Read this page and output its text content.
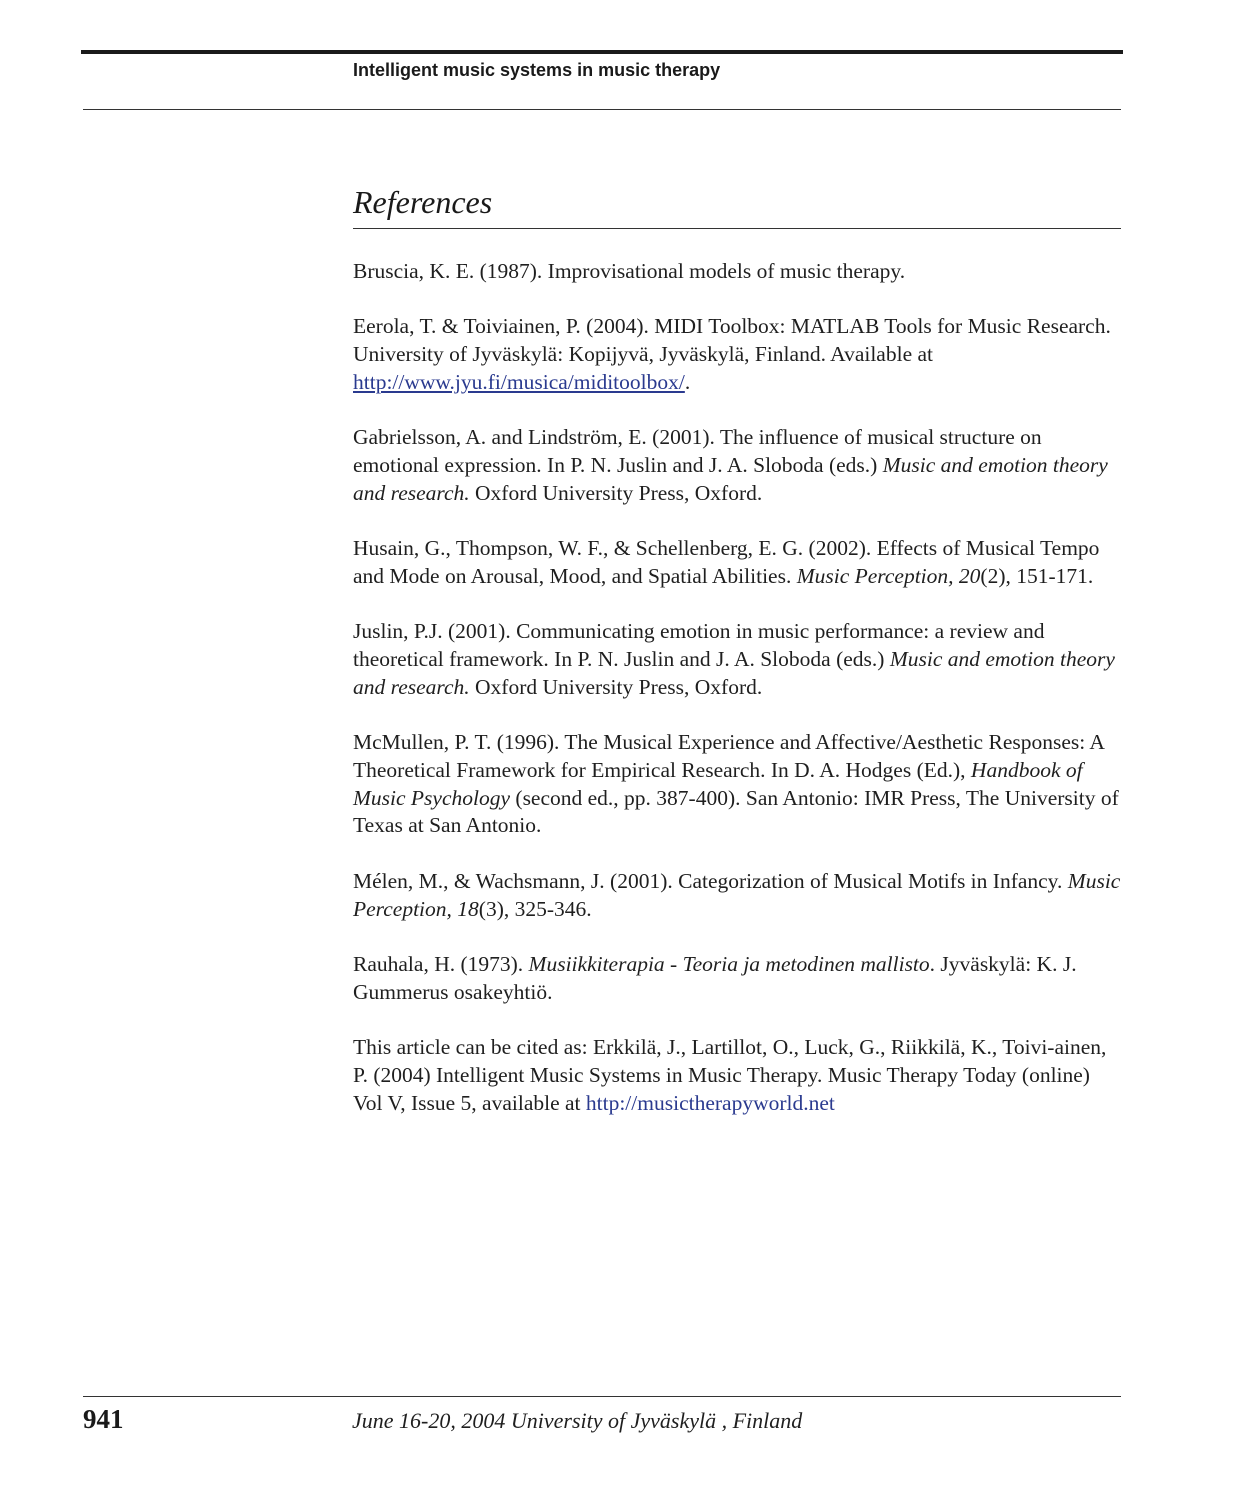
Intelligent music systems in music therapy
References

Bruscia, K. E. (1987). Improvisational models of music therapy.

Eerola, T. & Toiviainen, P. (2004). MIDI Toolbox: MATLAB Tools for Music Research. University of Jyväskylä: Kopijyvä, Jyväskylä, Finland. Available at http://www.jyu.fi/musica/miditoolbox/.

Gabrielsson, A. and Lindström, E. (2001). The influence of musical structure on emotional expression. In P. N. Juslin and J. A. Sloboda (eds.) Music and emotion theory and research. Oxford University Press, Oxford.

Husain, G., Thompson, W. F., & Schellenberg, E. G. (2002). Effects of Musical Tempo and Mode on Arousal, Mood, and Spatial Abilities. Music Perception, 20(2), 151-171.

Juslin, P.J. (2001). Communicating emotion in music performance: a review and theoretical framework. In P. N. Juslin and J. A. Sloboda (eds.) Music and emotion theory and research. Oxford University Press, Oxford.

McMullen, P. T. (1996). The Musical Experience and Affective/Aesthetic Responses: A Theoretical Framework for Empirical Research. In D. A. Hodges (Ed.), Handbook of Music Psychology (second ed., pp. 387-400). San Antonio: IMR Press, The University of Texas at San Antonio.

Mélen, M., & Wachsmann, J. (2001). Categorization of Musical Motifs in Infancy. Music Perception, 18(3), 325-346.

Rauhala, H. (1973). Musiikkiterapia - Teoria ja metodinen mallisto. Jyväskylä: K. J. Gummerus osakeyhtiö.

This article can be cited as: Erkkilä, J., Lartillot, O., Luck, G., Riikkilä, K., Toivi-ainen, P. (2004) Intelligent Music Systems in Music Therapy. Music Therapy Today (online) Vol V, Issue 5, available at http://musictherapyworld.net

941	June 16-20, 2004 University of Jyväskylä , Finland
